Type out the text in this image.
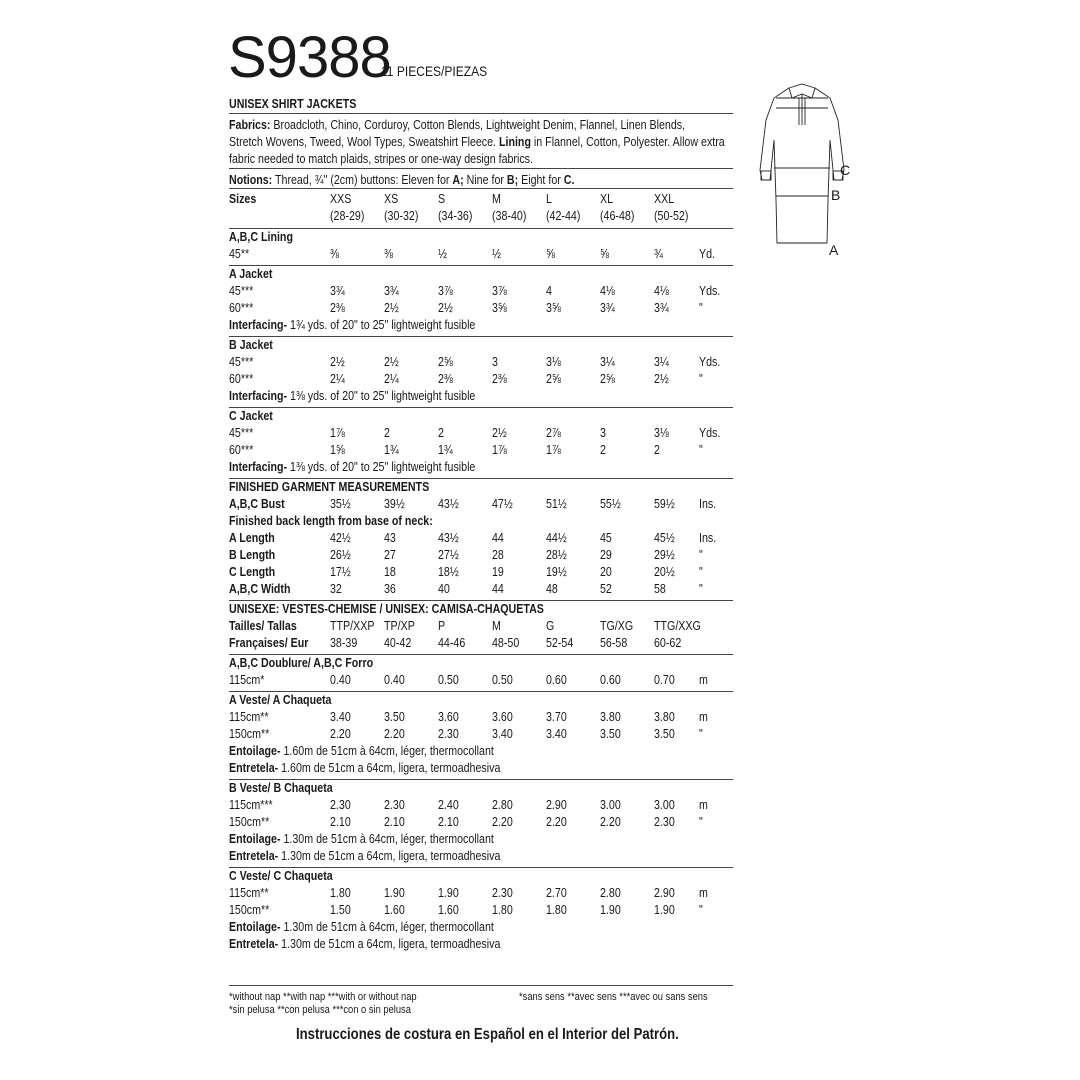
S9388
11 PIECES/PIEZAS
UNISEX SHIRT JACKETS
Fabrics: Broadcloth, Chino, Corduroy, Cotton Blends, Lightweight Denim, Flannel, Linen Blends,
Stretch Wovens, Tweed, Wool Types, Sweatshirt Fleece. Lining in Flannel, Cotton, Polyester. Allow extra
fabric needed to match plaids, stripes or one-way design fabrics.
Notions: Thread, ¾" (2cm) buttons: Eleven for A; Nine for B; Eight for C.
Sizes	XXS	XS	S	M	L	XL	XXL
(28-29) (30-32) (34-36) (38-40) (42-44) (46-48) (50-52)
A,B,C Lining
45**	⅜	⅜	½	½	⅝	⅝	¾	Yd.
A Jacket
45***	3¾	3¾	3⅞	3⅞	4	4⅛	4⅛ Yds.
60***	2⅜	2½	2½	3⅝	3⅝	3¾	3¾ "
Interfacing- 1¾ yds. of 20" to 25" lightweight fusible
B Jacket
45***	2½	2½	2⅝	3	3⅛	3¼	3¼ Yds.
60***	2¼	2¼	2⅜	2⅜	2⅝	2⅝	2½ "
Interfacing- 1⅜ yds. of 20" to 25" lightweight fusible
C Jacket
45***	1⅞	2	2	2½	2⅞	3	3⅛ Yds.
60***	1⅝	1¾	1¾	1⅞	1⅞	2	2	"
Interfacing- 1⅜ yds. of 20" to 25" lightweight fusible
FINISHED GARMENT MEASUREMENTS
A,B,C Bust	35½	39½	43½	47½	51½	55½	59½ Ins.
Finished back length from base of neck:
A Length	42½	43	43½	44	44½	45	45½ Ins.
B Length	26½	27	27½	28	28½	29	29½ "
C Length	17½	18	18½	19	19½	20	20½ "
A,B,C Width	32	36	40	44	48	52	58	"
UNISEXE: VESTES-CHEMISE / UNISEX: CAMISA-CHAQUETAS
Tailles/ Tallas	TTP/XXP TP/XP P	M	G	TG/XG TTG/XXG
Françaises/ Eur 38-39 40-42 44-46 48-50 52-54 56-58 60-62
A,B,C Doublure/ A,B,C Forro
115cm*	0.40	0.40	0.50	0.50	0.60	0.60	0.70 m
A Veste/ A Chaqueta
115cm**	3.40	3.50	3.60	3.60	3.70	3.80	3.80 m
150cm**	2.20	2.20	2.30	3.40	3.40	3.50	3.50 "
Entoilage- 1.60m de 51cm à 64cm, léger, thermocollant
Entretela- 1.60m de 51cm a 64cm, ligera, termoadhesiva
B Veste/ B Chaqueta
115cm***	2.30	2.30	2.40	2.80	2.90	3.00	3.00 m
150cm**	2.10	2.10	2.10	2.20	2.20	2.20	2.30 "
Entoilage- 1.30m de 51cm à 64cm, léger, thermocollant
Entretela- 1.30m de 51cm a 64cm, ligera, termoadhesiva
C Veste/ C Chaqueta
115cm**	1.80	1.90	1.90	2.30	2.70	2.80	2.90 m
150cm**	1.50	1.60	1.60	1.80	1.80	1.90	1.90 "
Entoilage- 1.30m de 51cm à 64cm, léger, thermocollant
Entretela- 1.30m de 51cm a 64cm, ligera, termoadhesiva
C
B
A
*without nap **with nap ***with or without nap
*sin pelusa **con pelusa ***con o sin pelusa
*sans sens **avec sens ***avec ou sans sens
Instrucciones de costura en Español en el Interior del Patrón.
